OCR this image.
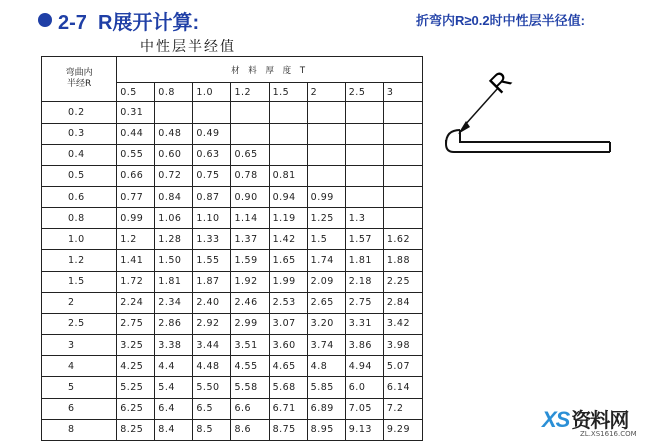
2-7  R展开计算:	折弯内R≥0.2时中性层半径值:
中性层半经值
弯曲内
半经R	材 料 厚 度 T							
	0.5	0.8	1.0	1.2	1.5	2	2.5	3
0.2	0.31							
0.3	0.44	0.48	0.49					
0.4	0.55	0.60	0.63	0.65				
0.5	0.66	0.72	0.75	0.78	0.81			
0.6	0.77	0.84	0.87	0.90	0.94	0.99		
0.8	0.99	1.06	1.10	1.14	1.19	1.25	1.3	
1.0	1.2	1.28	1.33	1.37	1.42	1.5	1.57	1.62
1.2	1.41	1.50	1.55	1.59	1.65	1.74	1.81	1.88
1.5	1.72	1.81	1.87	1.92	1.99	2.09	2.18	2.25
2	2.24	2.34	2.40	2.46	2.53	2.65	2.75	2.84
2.5	2.75	2.86	2.92	2.99	3.07	3.20	3.31	3.42
3	3.25	3.38	3.44	3.51	3.60	3.74	3.86	3.98
4	4.25	4.4	4.48	4.55	4.65	4.8	4.94	5.07
5	5.25	5.4	5.50	5.58	5.68	5.85	6.0	6.14
6	6.25	6.4	6.5	6.6	6.71	6.89	7.05	7.2
8	8.25	8.4	8.5	8.6	8.75	8.95	9.13	9.29
R
XS 资料网
ZL.XS1616.COM
